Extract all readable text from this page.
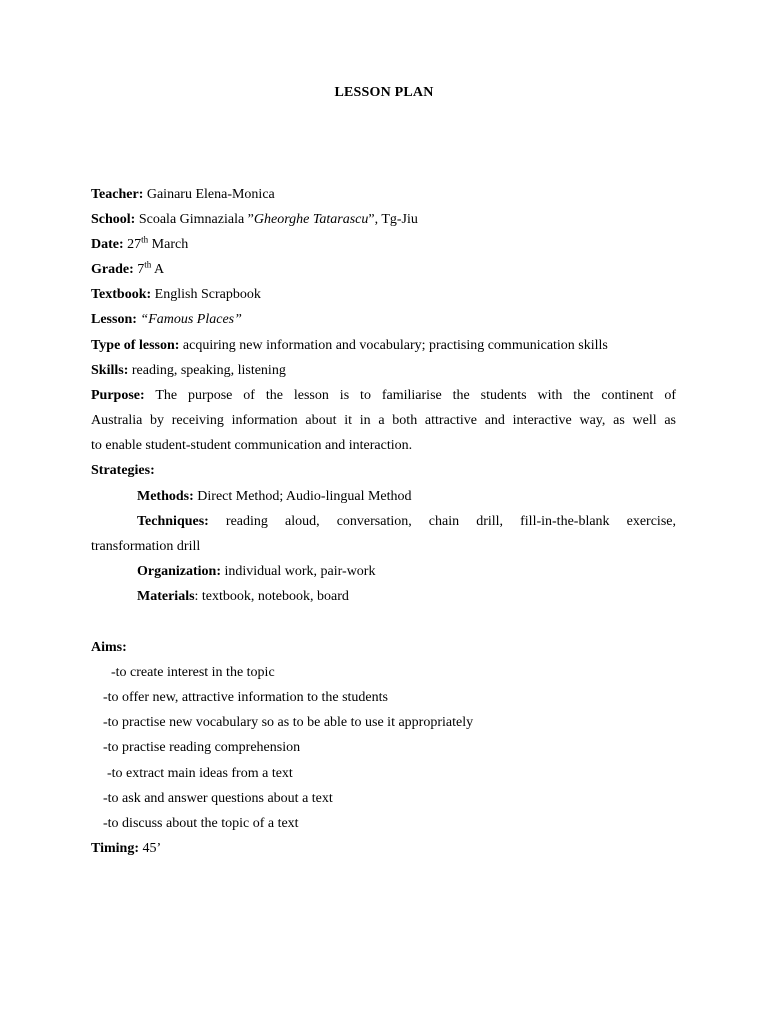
LESSON PLAN
Teacher: Gainaru Elena-Monica
School: Scoala Gimnaziala ”Gheorghe Tatarascu”, Tg-Jiu
Date: 27th March
Grade: 7th A
Textbook: English Scrapbook
Lesson: “Famous Places”
Type of lesson: acquiring new information and vocabulary; practising communication skills
Skills: reading, speaking, listening
Purpose: The purpose of the lesson is to familiarise the students with the continent of
Australia by receiving information about it in a both attractive and interactive way, as well as
to enable student-student communication and interaction.
Strategies:
Methods: Direct Method; Audio-lingual Method
Techniques: reading aloud, conversation, chain drill, fill-in-the-blank exercise,
transformation drill
Organization: individual work, pair-work
Materials: textbook, notebook, board
Aims:
-to create interest in the topic
-to offer new, attractive information to the students
-to practise new vocabulary so as to be able to use it appropriately
-to practise reading comprehension
-to extract main ideas from a text
-to ask and answer questions about a text
-to discuss about the topic of a text
Timing: 45’
